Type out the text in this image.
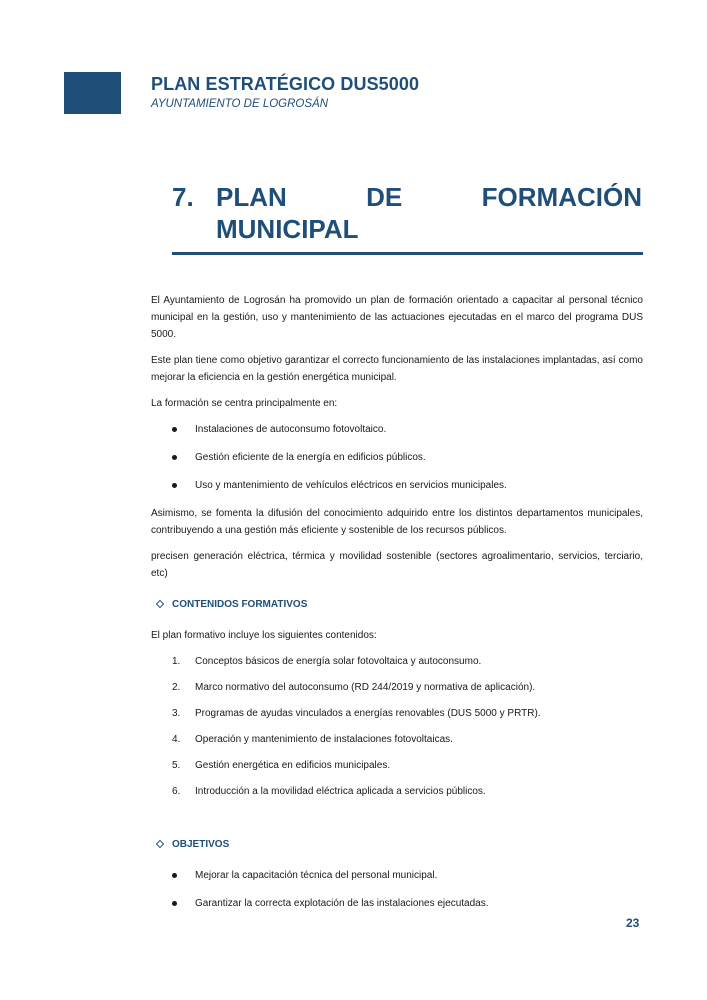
PLAN ESTRATÉGICO DUS5000
AYUNTAMIENTO DE LOGROSÁN
7. PLAN	DE	FORMACIÓN
MUNICIPAL

El Ayuntamiento de Logrosán ha promovido un plan de formación orientado a capacitar al personal técnico municipal en la gestión, uso y mantenimiento de las actuaciones ejecutadas en el marco del programa DUS 5000.

Este plan tiene como objetivo garantizar el correcto funcionamiento de las instalaciones implantadas, así como mejorar la eficiencia en la gestión energética municipal.

La formación se centra principalmente en:

Instalaciones de autoconsumo fotovoltaico.
Gestión eficiente de la energía en edificios públicos.
Uso y mantenimiento de vehículos eléctricos en servicios municipales.

Asimismo, se fomenta la difusión del conocimiento adquirido entre los distintos departamentos municipales, contribuyendo a una gestión más eficiente y sostenible de los recursos públicos.

precisen generación eléctrica, térmica y movilidad sostenible (sectores agroalimentario, servicios, terciario, etc)

CONTENIDOS FORMATIVOS

El plan formativo incluye los siguientes contenidos:

1. Conceptos básicos de energía solar fotovoltaica y autoconsumo.
2. Marco normativo del autoconsumo (RD 244/2019 y normativa de aplicación).
3. Programas de ayudas vinculados a energías renovables (DUS 5000 y PRTR).
4. Operación y mantenimiento de instalaciones fotovoltaicas.
5. Gestión energética en edificios municipales.
6. Introducción a la movilidad eléctrica aplicada a servicios públicos.
OBJETIVOS
Mejorar la capacitación técnica del personal municipal.
Garantizar la correcta explotación de las instalaciones ejecutadas.
23
